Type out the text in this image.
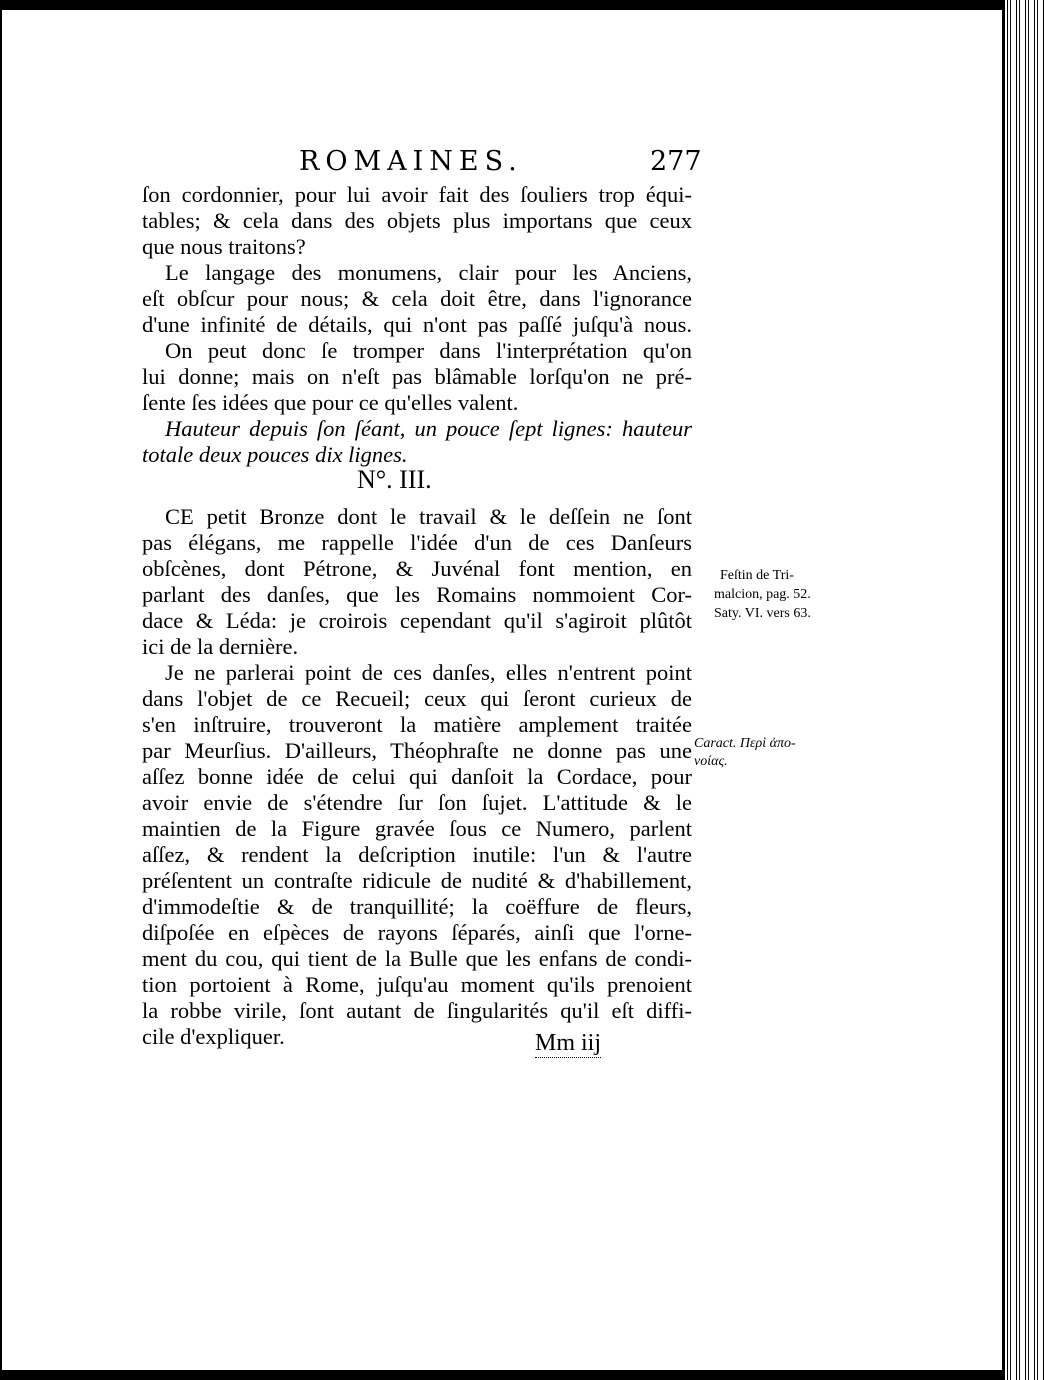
ROMAINES.	277
ſon cordonnier, pour lui avoir fait des ſouliers trop équi-
tables; & cela dans des objets plus importans que ceux
que nous traitons?
Le langage des monumens, clair pour les Anciens,
eſt obſcur pour nous; & cela doit être, dans l'ignorance
d'une infinité de détails, qui n'ont pas paſſé juſqu'à nous.
On peut donc ſe tromper dans l'interprétation qu'on
lui donne; mais on n'eſt pas blâmable lorſqu'on ne pré-
ſente ſes idées que pour ce qu'elles valent.
Hauteur depuis ſon ſéant, un pouce ſept lignes: hauteur
totale deux pouces dix lignes.
N°. III.
CE petit Bronze dont le travail & le deſſein ne ſont
pas élégans, me rappelle l'idée d'un de ces Danſeurs
obſcènes, dont Pétrone, & Juvénal font mention, en
parlant des danſes, que les Romains nommoient Cor-
dace & Léda: je croirois cependant qu'il s'agiroit plûtôt
ici de la dernière.
Je ne parlerai point de ces danſes, elles n'entrent point
dans l'objet de ce Recueil; ceux qui ſeront curieux de
s'en inſtruire, trouveront la matière amplement traitée
par Meurſius. D'ailleurs, Théophraſte ne donne pas une
aſſez bonne idée de celui qui danſoit la Cordace, pour
avoir envie de s'étendre ſur ſon ſujet. L'attitude & le
maintien de la Figure gravée ſous ce Numero, parlent
aſſez, & rendent la deſcription inutile: l'un & l'autre
préſentent un contraſte ridicule de nudité & d'habillement,
d'immodeſtie & de tranquillité; la coëffure de fleurs,
diſpoſée en eſpèces de rayons ſéparés, ainſi que l'orne-
ment du cou, qui tient de la Bulle que les enfans de condi-
tion portoient à Rome, juſqu'au moment qu'ils prenoient
la robbe virile, ſont autant de ſingularités qu'il eſt diffi-
cile d'expliquer.
Feſtin de Tri-
malcion, pag. 52.
Saty. VI. vers 63.
Caract. Περὶ ἀπο-
νοίας.
Mm iij
